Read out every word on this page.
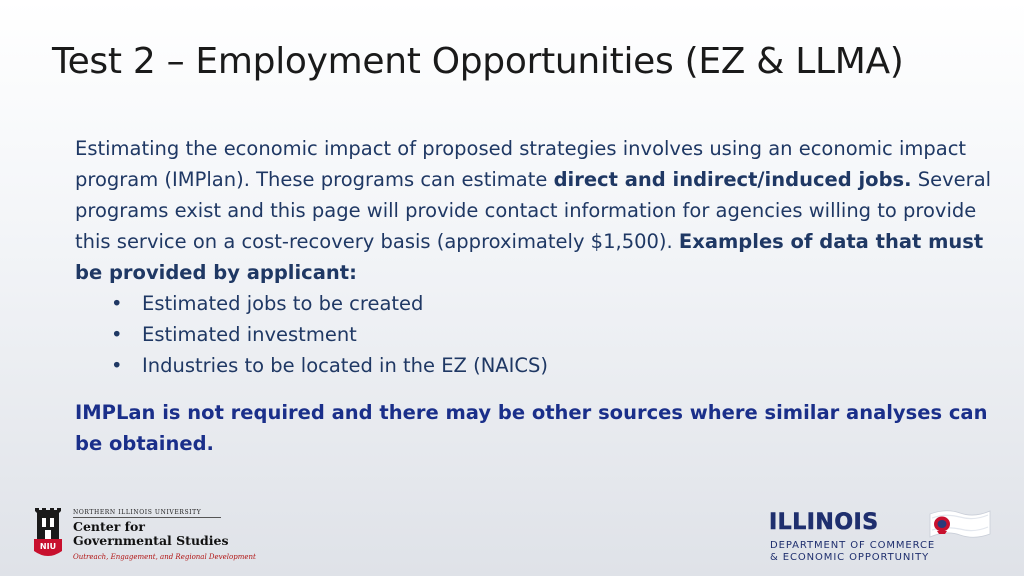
Test 2 – Employment Opportunities (EZ & LLMA)

Estimating the economic impact of proposed strategies involves using an economic impact program (IMPlan). These programs can estimate direct and indirect/induced jobs. Several programs exist and this page will provide contact information for agencies willing to provide this service on a cost-recovery basis (approximately $1,500). Examples of data that must be provided by applicant:

• Estimated jobs to be created
• Estimated investment
• Industries to be located in the EZ (NAICS)

IMPLan is not required and there may be other sources where similar analyses can be obtained.

NIU
NORTHERN ILLINOIS UNIVERSITY
Center for
Governmental Studies
Outreach, Engagement, and Regional Development
ILLINOIS
DEPARTMENT OF COMMERCE
& ECONOMIC OPPORTUNITY
